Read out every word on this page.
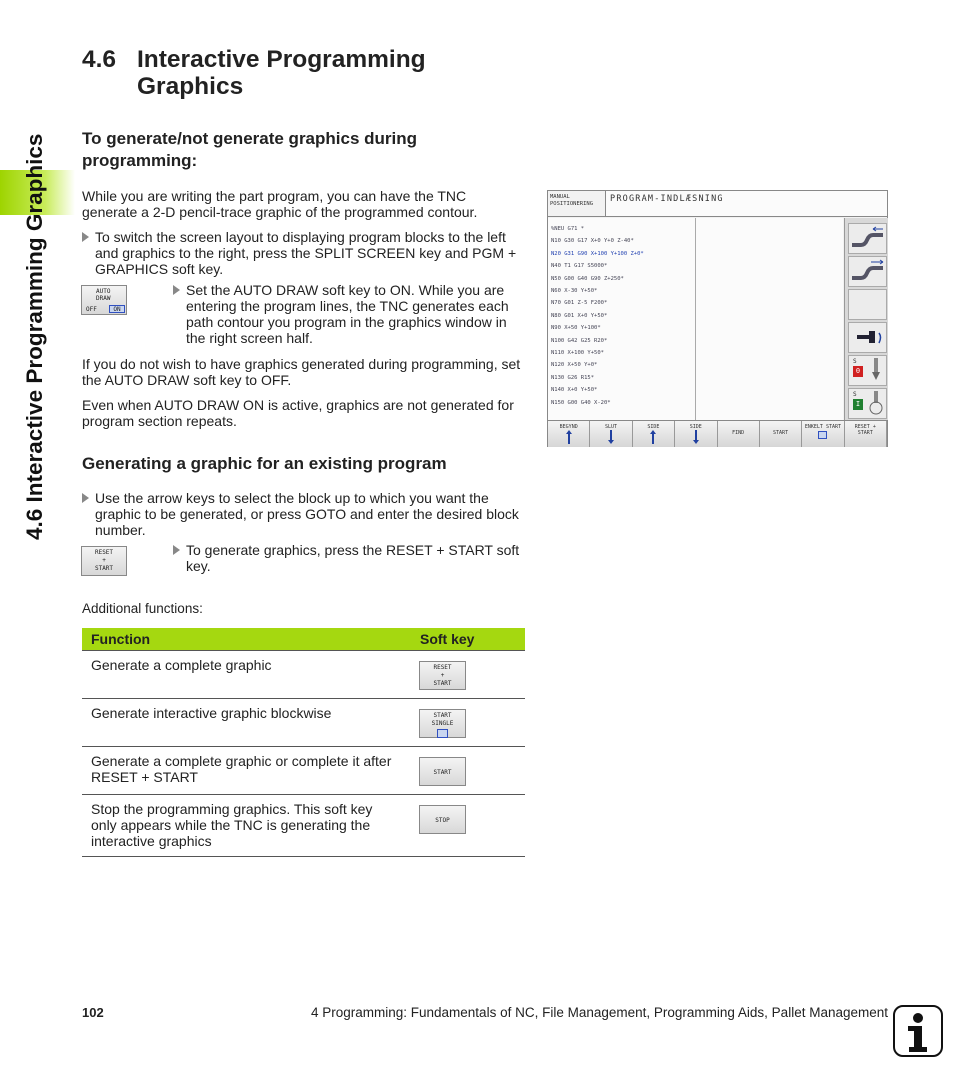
4.6 Interactive Programming Graphics
4.6	Interactive Programming Graphics
To generate/not generate graphics during programming:
While you are writing the part program, you can have the TNC generate a 2-D pencil-trace graphic of the programmed contour.
To switch the screen layout to displaying program blocks to the left and graphics to the right, press the SPLIT SCREEN key and PGM + GRAPHICS soft key.
AUTO
DRAW
OFF	ON
Set the AUTO DRAW soft key to ON. While you are entering the program lines, the TNC generates each path contour you program in the graphics window in the right screen half.
If you do not wish to have graphics generated during programming, set the AUTO DRAW soft key to OFF.
Even when AUTO DRAW ON is active, graphics are not generated for program section repeats.
Generating a graphic for an existing program
Use the arrow keys to select the block up to which you want the graphic to be generated, or press GOTO and enter the desired block number.
RESET
+
START
To generate graphics, press the RESET + START soft key.
Additional functions:
Function	Soft key
Generate a complete graphic	RESET
+
START
Generate interactive graphic blockwise	START
SINGLE
Generate a complete graphic or complete it after RESET + START	START
Stop the programming graphics. This soft key only appears while the TNC is generating the interactive graphics
STOP
MANUAL
POSITIONERING	PROGRAM-INDLÆSNING
%NEU G71 *
N10 G30 G17 X+0 Y+0 Z-40*
N20 G31 G90 X+100 Y+100 Z+0*
N40 T1 G17 S5000*
N50 G00 G40 G90 Z+250*
N60 X-30 Y+50*
N70 G01 Z-5 F200*
N80 G01 X+0 Y+50*
N90 X+50 Y+100*
N100 G42 G25 R20*
N110 X+100 Y+50*
N120 X+50 Y+0*
N130 G26 R15*
N140 X+0 Y+50*
N150 G00 G40 X-20*
S
0
S
I
BEGYND	SLUT	SIDE	SIDE
FIND	START
ENKELT START	RESET + START
102	4 Programming: Fundamentals of NC, File Management, Programming Aids, Pallet Management
